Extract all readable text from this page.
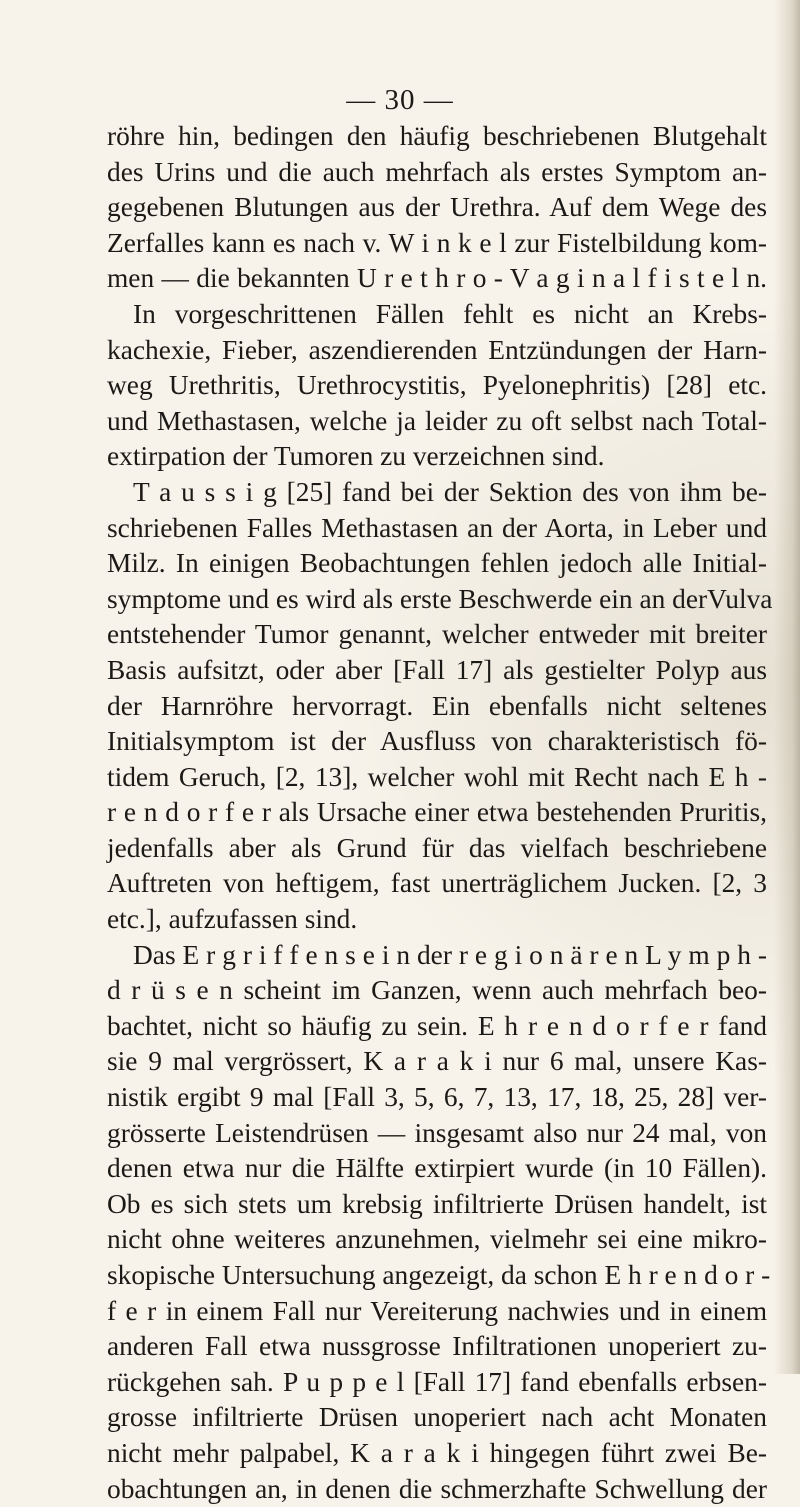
— 30 —
röhre hin, bedingen den häufig beschriebenen Blutgehalt
des Urins und die auch mehrfach als erstes Symptom an-
gegebenen Blutungen aus der Urethra. Auf dem Wege des
Zerfalles kann es nach v. W i n k e l zur Fistelbildung kom-
men — die bekannten U r e t h r o - V a g i n a l f i s t e l n.
In vorgeschrittenen Fällen fehlt es nicht an Krebs-
kachexie, Fieber, aszendierenden Entzündungen der Harn-
weg Urethritis, Urethrocystitis, Pyelonephritis) [28] etc.
und Methastasen, welche ja leider zu oft selbst nach Total-
extirpation der Tumoren zu verzeichnen sind.
T a u s s i g [25] fand bei der Sektion des von ihm be-
schriebenen Falles Methastasen an der Aorta, in Leber und
Milz. In einigen Beobachtungen fehlen jedoch alle Initial-
symptome und es wird als erste Beschwerde ein an derVulva
entstehender Tumor genannt, welcher entweder mit breiter
Basis aufsitzt, oder aber [Fall 17] als gestielter Polyp aus
der Harnröhre hervorragt. Ein ebenfalls nicht seltenes
Initialsymptom ist der Ausfluss von charakteristisch fö-
tidem Geruch, [2, 13], welcher wohl mit Recht nach E h -
r e n d o r f e r als Ursache einer etwa bestehenden Pruritis,
jedenfalls aber als Grund für das vielfach beschriebene
Auftreten von heftigem, fast unerträglichem Jucken. [2, 3
etc.], aufzufassen sind.
Das E r g r i f f e n s e i n der r e g i o n ä r e n L y m p h -
d r ü s e n scheint im Ganzen, wenn auch mehrfach beo-
bachtet, nicht so häufig zu sein. E h r e n d o r f e r fand
sie 9 mal vergrössert, K a r a k i nur 6 mal, unsere Kas-
nistik ergibt 9 mal [Fall 3, 5, 6, 7, 13, 17, 18, 25, 28] ver-
grösserte Leistendrüsen — insgesamt also nur 24 mal, von
denen etwa nur die Hälfte extirpiert wurde (in 10 Fällen).
Ob es sich stets um krebsig infiltrierte Drüsen handelt, ist
nicht ohne weiteres anzunehmen, vielmehr sei eine mikro-
skopische Untersuchung angezeigt, da schon E h r e n d o r -
f e r in einem Fall nur Vereiterung nachwies und in einem
anderen Fall etwa nussgrosse Infiltrationen unoperiert zu-
rückgehen sah. P u p p e l [Fall 17] fand ebenfalls erbsen-
grosse infiltrierte Drüsen unoperiert nach acht Monaten
nicht mehr palpabel, K a r a k i hingegen führt zwei Be-
obachtungen an, in denen die schmerzhafte Schwellung der
